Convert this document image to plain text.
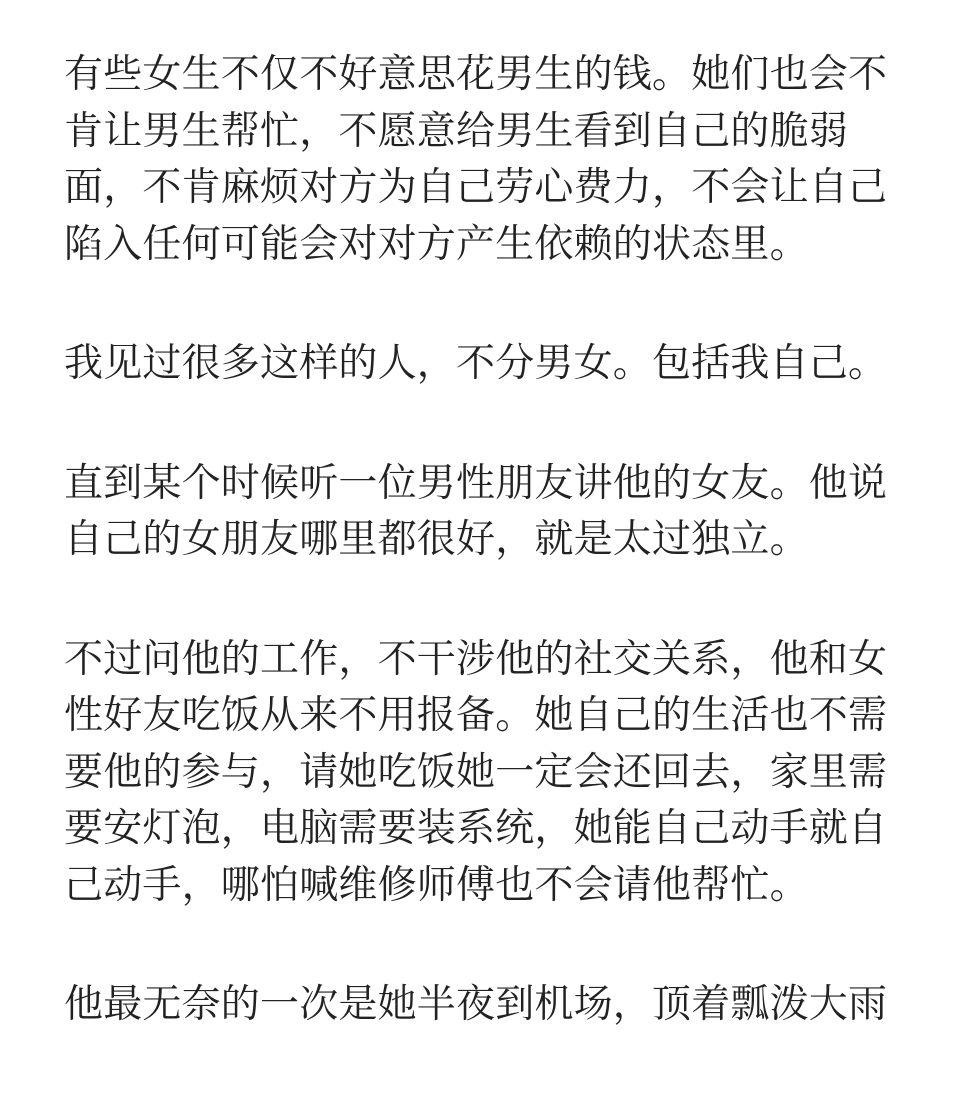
有些女生不仅不好意思花男生的钱。她们也会不
肯让男生帮忙，不愿意给男生看到自己的脆弱
面，不肯麻烦对方为自己劳心费力，不会让自己
陷入任何可能会对对方产生依赖的状态里。
我见过很多这样的人，不分男女。包括我自己。
直到某个时候听一位男性朋友讲他的女友。他说
自己的女朋友哪里都很好，就是太过独立。
不过问他的工作，不干涉他的社交关系，他和女
性好友吃饭从来不用报备。她自己的生活也不需
要他的参与，请她吃饭她一定会还回去，家里需
要安灯泡，电脑需要装系统，她能自己动手就自
己动手，哪怕喊维修师傅也不会请他帮忙。
他最无奈的一次是她半夜到机场，顶着瓢泼大雨
